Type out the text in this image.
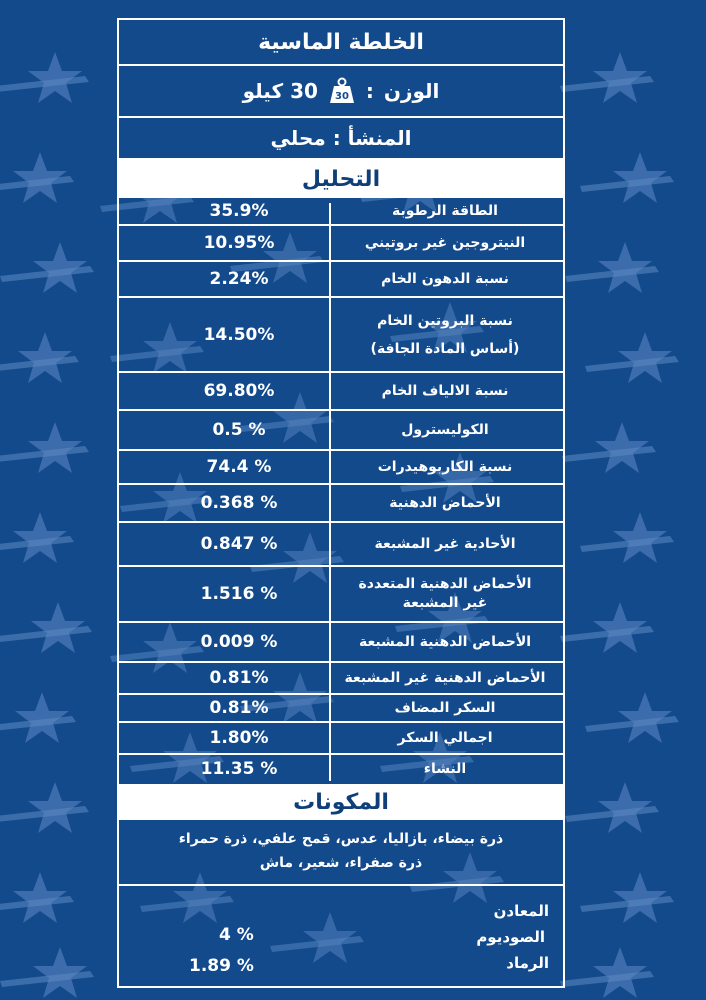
الخلطة الماسية
الوزن
:
30
30 كيلو
المنشأ : محلي
التحليل
الطاقة الرطوبة
35.9%
النيتروجين غير بروتيني
10.95%
نسبة الدهون الخام
2.24%
نسبة البروتين الخام
(أساس المادة الجافة)
14.50%
نسبة الالياف الخام
69.80%
الكوليسترول
0.5 %
نسبة الكاربوهيدرات
74.4 %
الأحماض الدهنية
0.368 %
الأحادية غير المشبعة
0.847 %
الأحماض الدهنية المتعددة
غير المشبعة
1.516 %
الأحماض الدهنية المشبعة
0.009 %
الأحماض الدهنية غير المشبعة
0.81%
السكر المضاف
0.81%
اجمالي السكر
1.80%
النشاء
11.35 %
المكونات
ذرة بيضاء، بازاليا، عدس، قمح علفي، ذرة حمراء
ذرة صفراء، شعير، ماش
المعادن
الصوديوم
الرماد
4 %
1.89 %
